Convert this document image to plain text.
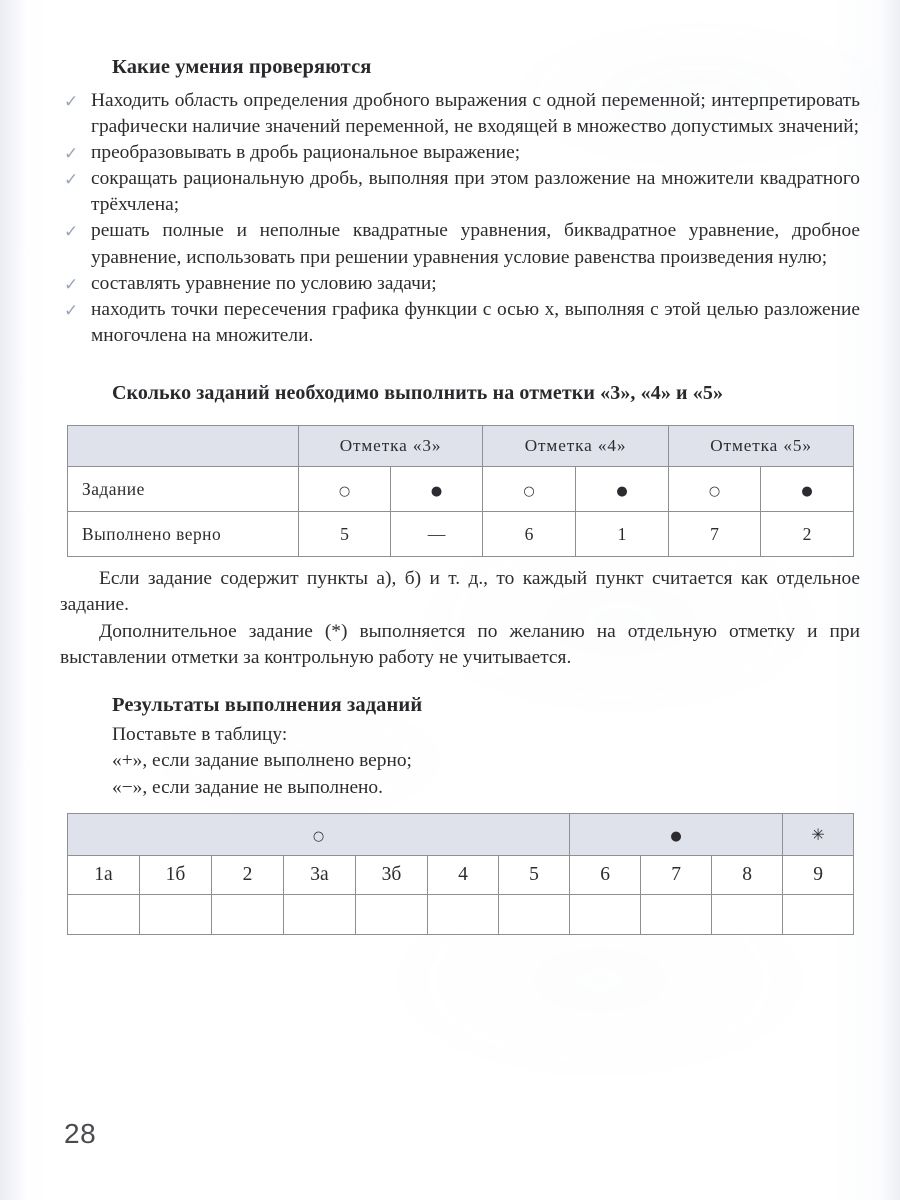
Какие умения проверяются
✓ Находить область определения дробного выражения с одной переменной; интерпретировать графически наличие значений переменной, не входящей в множество допустимых значений;
✓ преобразовывать в дробь рациональное выражение;
✓ сокращать рациональную дробь, выполняя при этом разложение на множители квадратного трёхчлена;
✓ решать полные и неполные квадратные уравнения, биквадратное уравнение, дробное уравнение, использовать при решении уравнения условие равенства произведения нулю;
✓ составлять уравнение по условию задачи;
✓ находить точки пересечения графика функции с осью x, выполняя с этой целью разложение многочлена на множители.
Сколько заданий необходимо выполнить на отметки «3», «4» и «5»
	Отметка «3»		Отметка «4»		Отметка «5»	
Задание	○	●	○	●	○	●
Выполнено верно	5	—	6	1	7	2
Если задание содержит пункты а), б) и т. д., то каждый пункт считается как отдельное задание.
Дополнительное задание (*) выполняется по желанию на отдельную отметку и при выставлении отметки за контрольную работу не учитывается.
Результаты выполнения заданий
Поставьте в таблицу:
«+», если задание выполнено верно;
«−», если задание не выполнено.
○							●			✳
1а	1б	2	3а	3б	4	5	6	7	8	9

28
